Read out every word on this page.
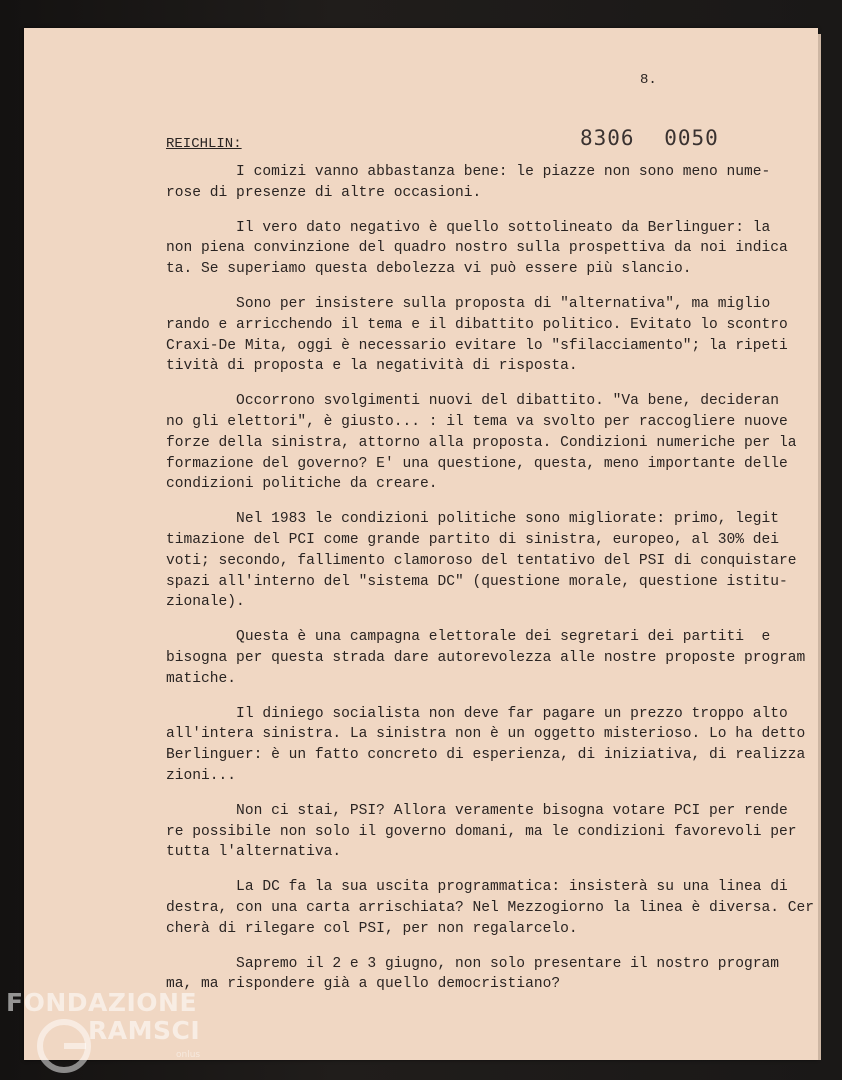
8.
REICHLIN:	8306 0050

I comizi vanno abbastanza bene: le piazze non sono meno nume-
rose di presenze di altre occasioni.

Il vero dato negativo è quello sottolineato da Berlinguer: la
non piena convinzione del quadro nostro sulla prospettiva da noi indica
ta. Se superiamo questa debolezza vi può essere più slancio.

Sono per insistere sulla proposta di "alternativa", ma miglio
rando e arricchendo il tema e il dibattito politico. Evitato lo scontro
Craxi-De Mita, oggi è necessario evitare lo "sfilacciamento"; la ripeti
tività di proposta e la negatività di risposta.

Occorrono svolgimenti nuovi del dibattito. "Va bene, decideran
no gli elettori", è giusto... : il tema va svolto per raccogliere nuove
forze della sinistra, attorno alla proposta. Condizioni numeriche per
formazione del governo? E' una questione, questa, meno importante delle
condizioni politiche da creare.

Nel 1983 le condizioni politiche sono migliorate: primo, legit
timazione del PCI come grande partito di sinistra, europeo, al 30% dei
voti; secondo, fallimento clamoroso del tentativo del PSI di conquistare
spazi all'interno del "sistema DC" (questione morale, questione istitu-
zionale).

Questa è una campagna elettorale dei segretari dei partiti  e
bisogna per questa strada dare autorevolezza alle nostre proposte
matiche.

Il diniego socialista non deve far pagare un prezzo troppo
all'intera sinistra. La sinistra non è un oggetto misterioso. Lo ha
Berlinguer: è un fatto concreto di esperienza, di iniziativa, di
zioni...

Non ci stai, PSI? Allora veramente bisogna votare PCI per rende
re possibile non solo il governo domani, ma le condizioni favorevoli
tutta l'alternativa.

La DC fa la sua uscita programmatica: insisterà su una linea
destra, con una carta arrischiata? Nel Mezzogiorno la linea è diversa.
cherà di rilegare col PSI, per non regalarcelo.

Sapremo il 2 e 3 giugno, non solo presentare il nostro program
ma, ma rispondere già a quello democristiano?

FONDAZIONE
RAMSCI
onlus
